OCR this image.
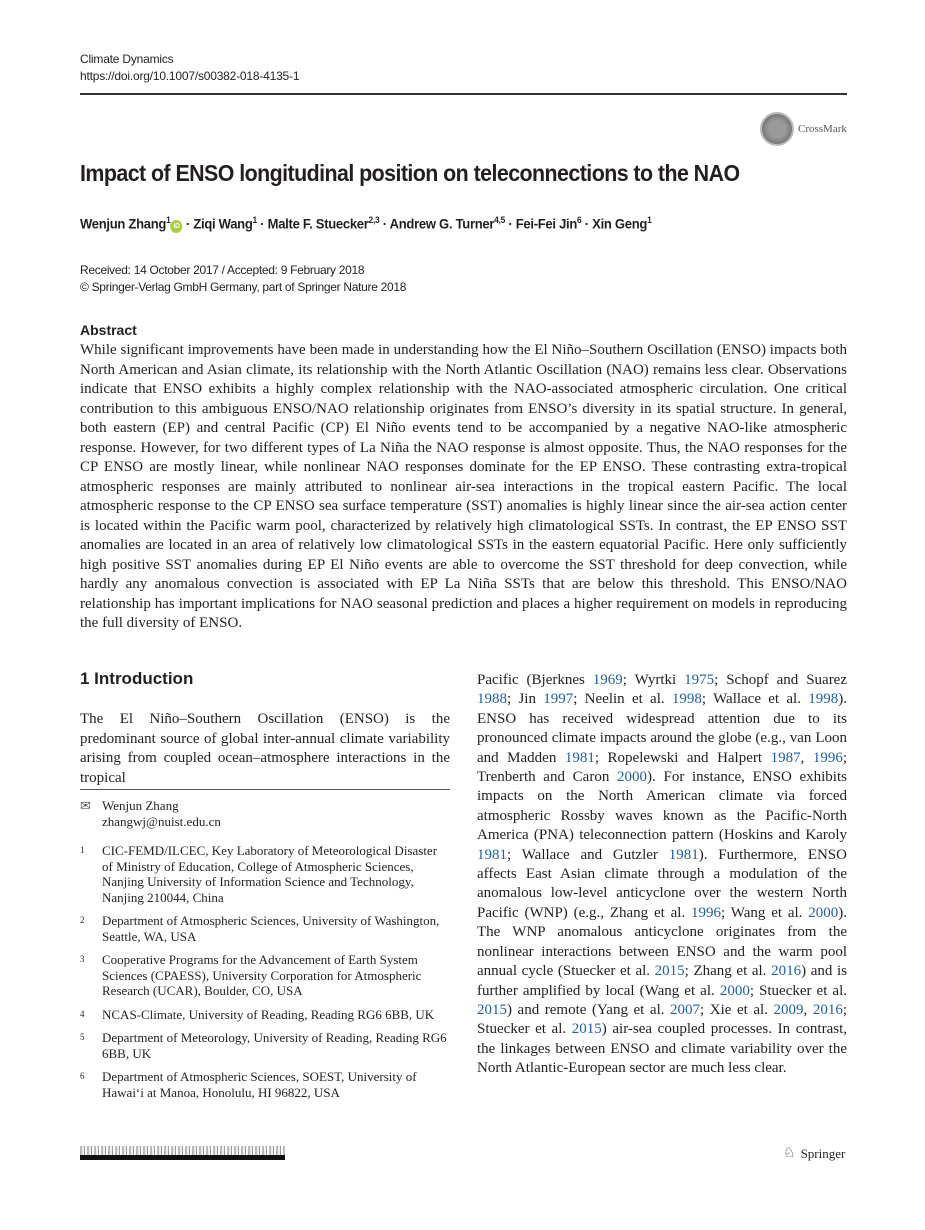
Climate Dynamics
https://doi.org/10.1007/s00382-018-4135-1
CrossMark
Impact of ENSO longitudinal position on teleconnections to the NAO
Wenjun Zhang$^1$iD · Ziqi Wang$^1$ · Malte F. Stuecker$^{2,3}$ · Andrew G. Turner$^{4,5}$ · Fei-Fei Jin$^6$ · Xin Geng$^1$
Received: 14 October 2017 / Accepted: 9 February 2018
© Springer-Verlag GmbH Germany, part of Springer Nature 2018
Abstract

While significant improvements have been made in understanding how the El Niño–Southern Oscillation (ENSO) impacts both North American and Asian climate, its relationship with the North Atlantic Oscillation (NAO) remains less clear. Observations indicate that ENSO exhibits a highly complex relationship with the NAO-associated atmospheric circulation. One critical contribution to this ambiguous ENSO/NAO relationship originates from ENSO’s diversity in its spatial structure. In general, both eastern (EP) and central Pacific (CP) El Niño events tend to be accompanied by a negative NAO-like atmospheric response. However, for two different types of La Niña the NAO response is almost opposite. Thus, the NAO responses for the CP ENSO are mostly linear, while nonlinear NAO responses dominate for the EP ENSO. These contrasting extra-tropical atmospheric responses are mainly attributed to nonlinear air-sea interactions in the tropical eastern Pacific. The local atmospheric response to the CP ENSO sea surface temperature (SST) anomalies is highly linear since the air-sea action center is located within the Pacific warm pool, characterized by relatively high climatological SSTs. In contrast, the EP ENSO SST anomalies are located in an area of relatively low climatological SSTs in the eastern equatorial Pacific. Here only sufficiently high positive SST anomalies during EP El Niño events are able to overcome the SST threshold for deep convection, while hardly any anomalous convection is associated with EP La Niña SSTs that are below this threshold. This ENSO/NAO relationship has important implications for NAO seasonal prediction and places a higher requirement on models in reproducing the full diversity of ENSO.

1 Introduction

The El Niño–Southern Oscillation (ENSO) is the predominant source of global inter-annual climate variability arising from coupled ocean–atmosphere interactions in the tropical

✉ Wenjun Zhang
zhangwj@nuist.edu.cn
1	CIC-FEMD/ILCEC, Key Laboratory of Meteorological Disaster of Ministry of Education, College of Atmospheric Sciences, Nanjing University of Information Science and Technology, Nanjing 210044, China
2	Department of Atmospheric Sciences, University of Washington, Seattle, WA, USA
3	Cooperative Programs for the Advancement of Earth System Sciences (CPAESS), University Corporation for Atmospheric Research (UCAR), Boulder, CO, USA
4	NCAS-Climate, University of Reading, Reading RG6 6BB, UK
5	Department of Meteorology, University of Reading, Reading RG6 6BB, UK
6	Department of Atmospheric Sciences, SOEST, University of Hawai‘i at Manoa, Honolulu, HI 96822, USA

Pacific (Bjerknes 1969; Wyrtki 1975; Schopf and Suarez 1988; Jin 1997; Neelin et al. 1998; Wallace et al. 1998). ENSO has received widespread attention due to its pronounced climate impacts around the globe (e.g., van Loon and Madden 1981; Ropelewski and Halpert 1987, 1996; Trenberth and Caron 2000). For instance, ENSO exhibits impacts on the North American climate via forced atmospheric Rossby waves known as the Pacific-North America (PNA) teleconnection pattern (Hoskins and Karoly 1981; Wallace and Gutzler 1981). Furthermore, ENSO affects East Asian climate through a modulation of the anomalous low-level anticyclone over the western North Pacific (WNP) (e.g., Zhang et al. 1996; Wang et al. 2000). The WNP anomalous anticyclone originates from the nonlinear interactions between ENSO and the warm pool annual cycle (Stuecker et al. 2015; Zhang et al. 2016) and is further amplified by local (Wang et al. 2000; Stuecker et al. 2015) and remote (Yang et al. 2007; Xie et al. 2009, 2016; Stuecker et al. 2015) air-sea coupled processes. In contrast, the linkages between ENSO and climate variability over the North Atlantic-European sector are much less clear.

♘ Springer
